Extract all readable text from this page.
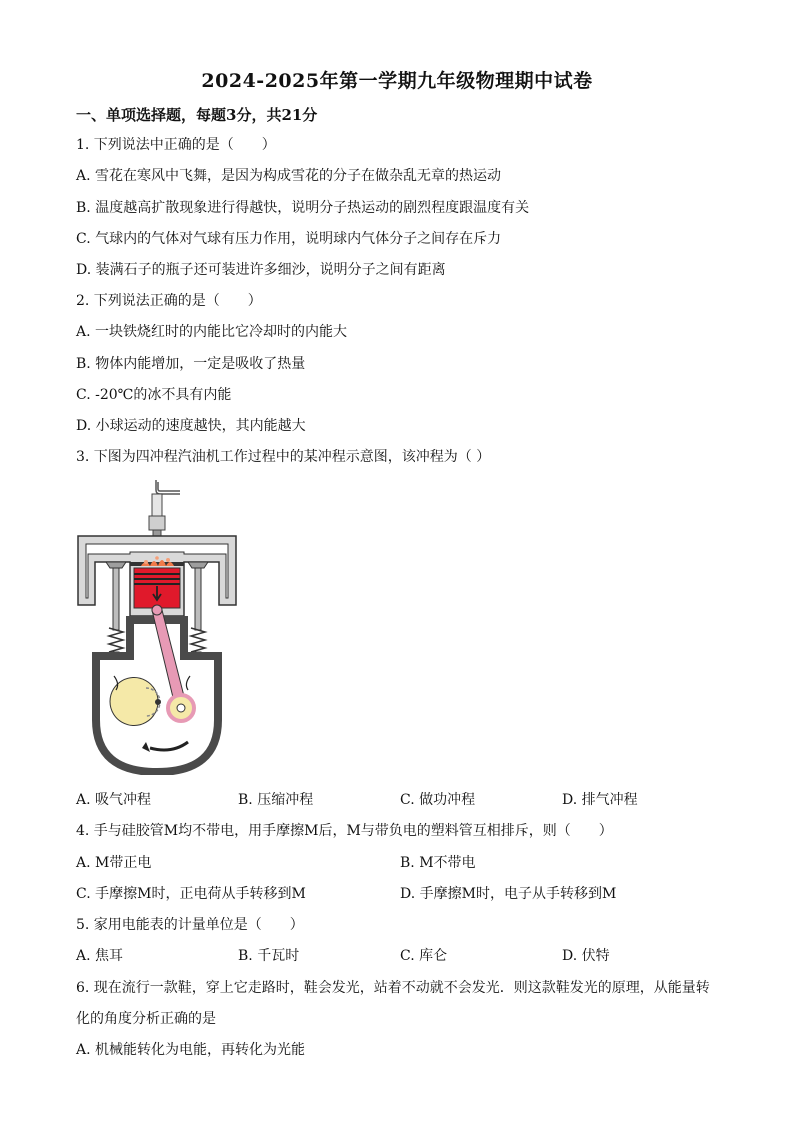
2024-2025年第一学期九年级物理期中试卷
一、单项选择题，每题3分，共21分
1. 下列说法中正确的是（　　）
A. 雪花在寒风中飞舞，是因为构成雪花的分子在做杂乱无章的热运动
B. 温度越高扩散现象进行得越快，说明分子热运动的剧烈程度跟温度有关
C. 气球内的气体对气球有压力作用，说明球内气体分子之间存在斥力
D. 装满石子的瓶子还可装进许多细沙，说明分子之间有距离
2. 下列说法正确的是（　　）
A. 一块铁烧红时的内能比它冷却时的内能大
B. 物体内能增加，一定是吸收了热量
C. -20℃的冰不具有内能
D. 小球运动的速度越快，其内能越大
3. 下图为四冲程汽油机工作过程中的某冲程示意图，该冲程为（ ）
A. 吸气冲程	B. 压缩冲程	C. 做功冲程	D. 排气冲程
4. 手与硅胶管M均不带电，用手摩擦M后，M与带负电的塑料管互相排斥，则（　　）
A. M带正电	B. M不带电
C. 手摩擦M时，正电荷从手转移到M	D. 手摩擦M时，电子从手转移到M
5. 家用电能表的计量单位是（　　）
A. 焦耳	B. 千瓦时	C. 库仑	D. 伏特
6. 现在流行一款鞋，穿上它走路时，鞋会发光，站着不动就不会发光．则这款鞋发光的原理，从能量转
化的角度分析正确的是
A. 机械能转化为电能，再转化为光能
